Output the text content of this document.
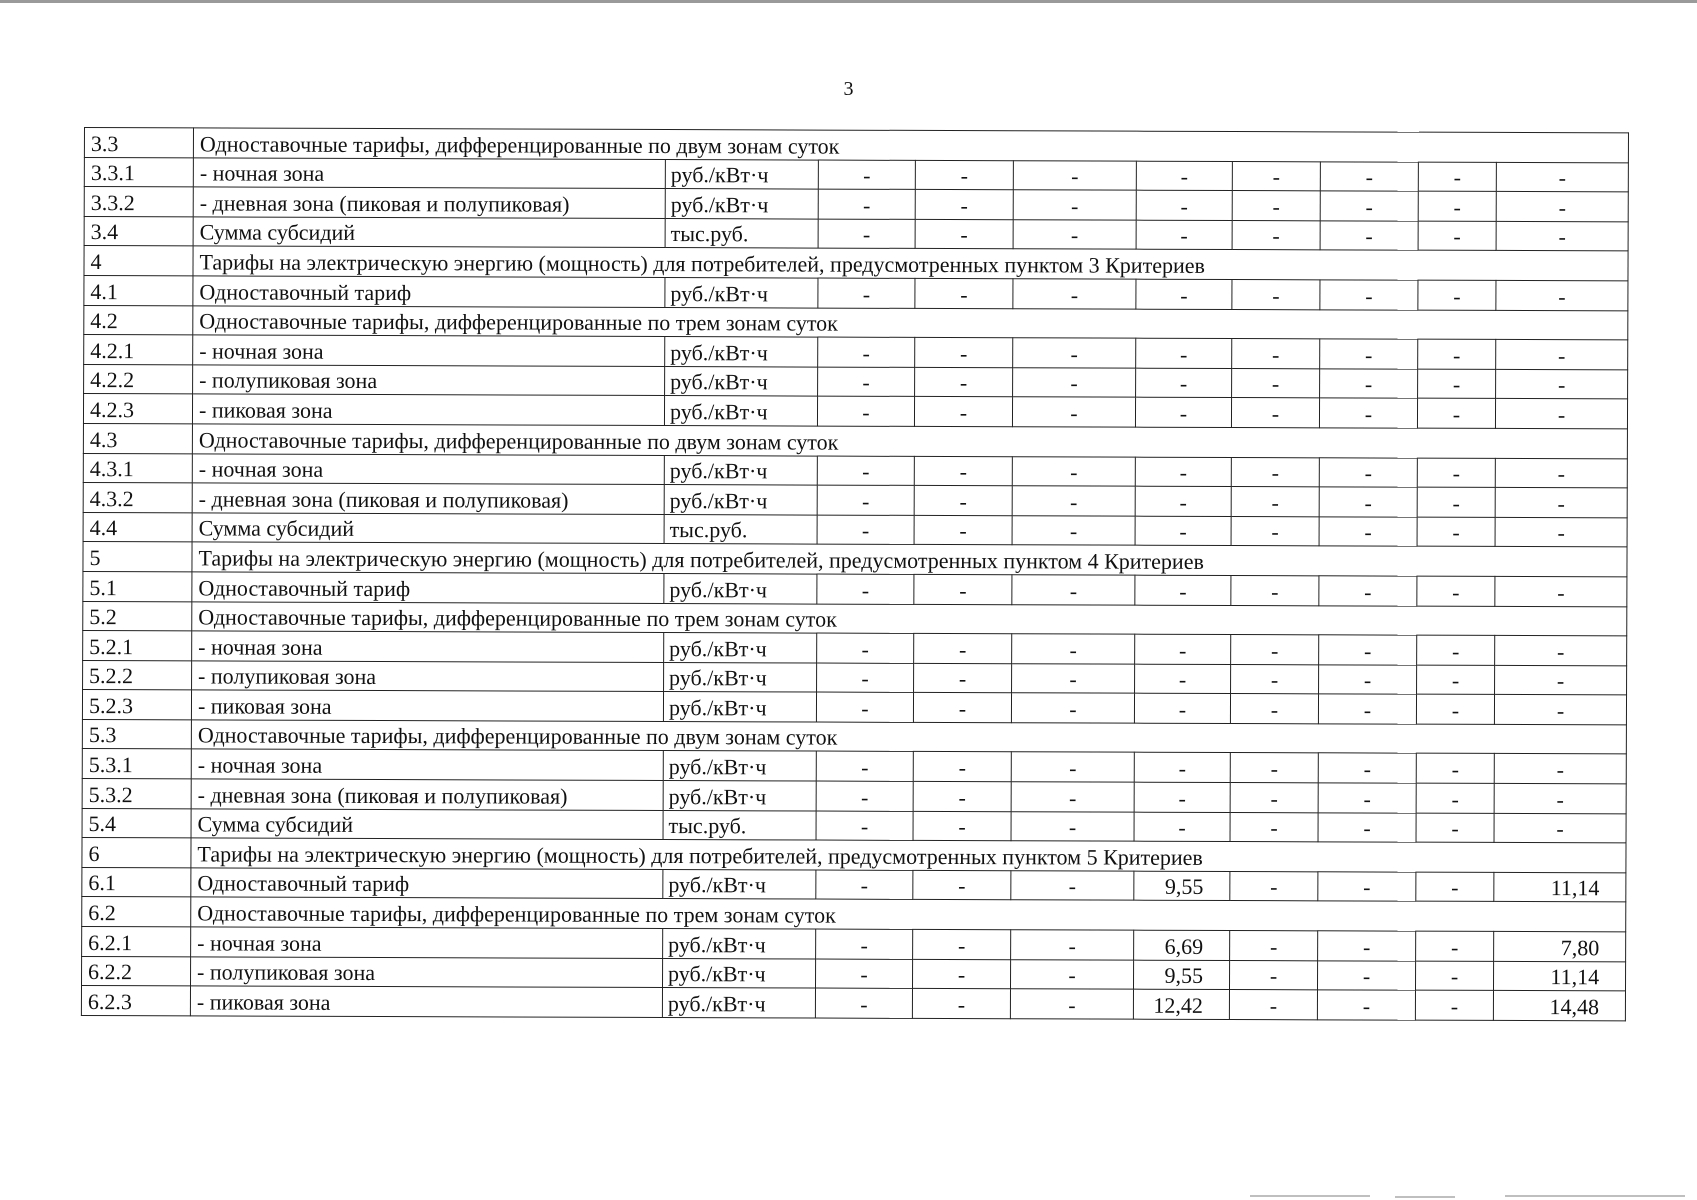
3
3.3	Одноставочные тарифы, дифференцированные по двум зонам суток									
3.3.1	- ночная зона	руб./кВт·ч	-	-	-	-	-	-	-	-
3.3.2	- дневная зона (пиковая и полупиковая)	руб./кВт·ч	-	-	-	-	-	-	-	-
3.4	Сумма субсидий	тыс.руб.	-	-	-	-	-	-	-	-
4	Тарифы на электрическую энергию (мощность) для потребителей, предусмотренных пунктом 3 Критериев									
4.1	Одноставочный тариф	руб./кВт·ч	-	-	-	-	-	-	-	-
4.2	Одноставочные тарифы, дифференцированные по трем зонам суток									
4.2.1	- ночная зона	руб./кВт·ч	-	-	-	-	-	-	-	-
4.2.2	- полупиковая зона	руб./кВт·ч	-	-	-	-	-	-	-	-
4.2.3	- пиковая зона	руб./кВт·ч	-	-	-	-	-	-	-	-
4.3	Одноставочные тарифы, дифференцированные по двум зонам суток									
4.3.1	- ночная зона	руб./кВт·ч	-	-	-	-	-	-	-	-
4.3.2	- дневная зона (пиковая и полупиковая)	руб./кВт·ч	-	-	-	-	-	-	-	-
4.4	Сумма субсидий	тыс.руб.	-	-	-	-	-	-	-	-
5	Тарифы на электрическую энергию (мощность) для потребителей, предусмотренных пунктом 4 Критериев									
5.1	Одноставочный тариф	руб./кВт·ч	-	-	-	-	-	-	-	-
5.2	Одноставочные тарифы, дифференцированные по трем зонам суток									
5.2.1	- ночная зона	руб./кВт·ч	-	-	-	-	-	-	-	-
5.2.2	- полупиковая зона	руб./кВт·ч	-	-	-	-	-	-	-	-
5.2.3	- пиковая зона	руб./кВт·ч	-	-	-	-	-	-	-	-
5.3	Одноставочные тарифы, дифференцированные по двум зонам суток									
5.3.1	- ночная зона	руб./кВт·ч	-	-	-	-	-	-	-	-
5.3.2	- дневная зона (пиковая и полупиковая)	руб./кВт·ч	-	-	-	-	-	-	-	-
5.4	Сумма субсидий	тыс.руб.	-	-	-	-	-	-	-	-
6	Тарифы на электрическую энергию (мощность) для потребителей, предусмотренных пунктом 5 Критериев									
6.1	Одноставочный тариф	руб./кВт·ч	-	-	-	9,55	-	-	-	11,14
6.2	Одноставочные тарифы, дифференцированные по трем зонам суток									
6.2.1	- ночная зона	руб./кВт·ч	-	-	-	6,69	-	-	-	7,80
6.2.2	- полупиковая зона	руб./кВт·ч	-	-	-	9,55	-	-	-	11,14
6.2.3	- пиковая зона	руб./кВт·ч	-	-	-	12,42	-	-	-	14,48
